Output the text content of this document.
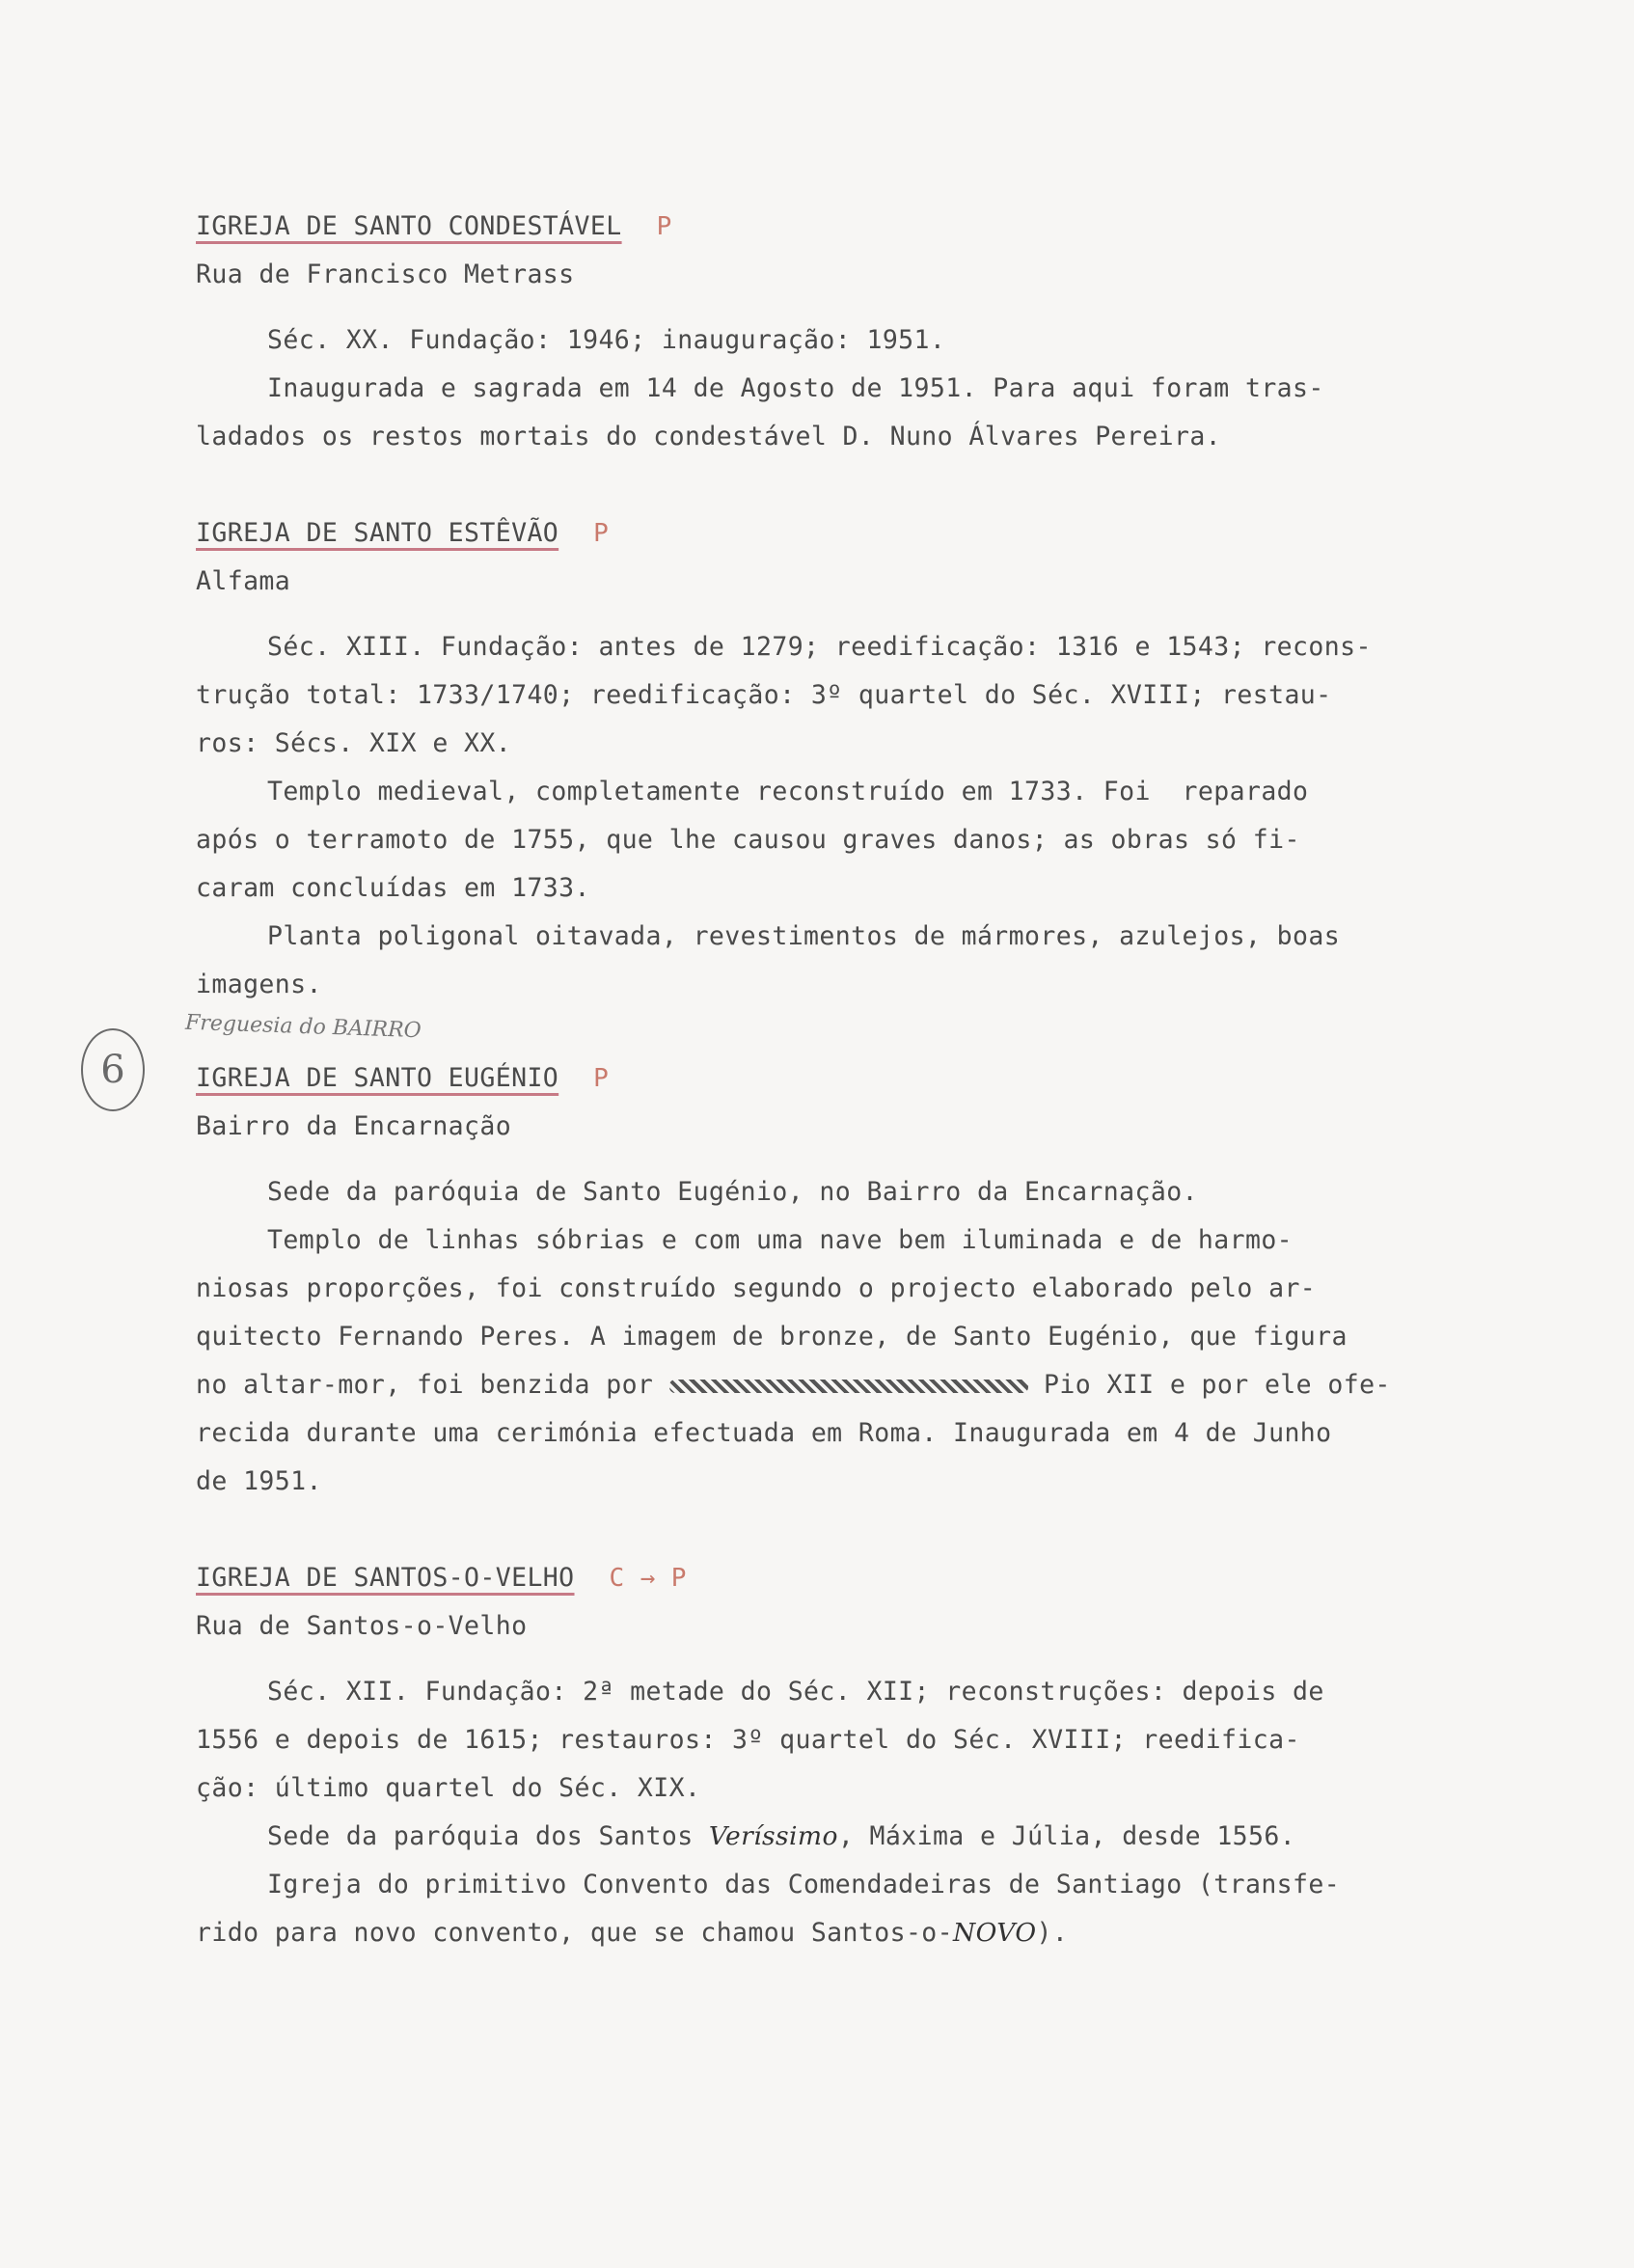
IGREJA DE SANTO CONDESTÁVEL P
Rua de Francisco Metrass
Séc. XX. Fundação: 1946; inauguração: 1951.
Inaugurada e sagrada em 14 de Agosto de 1951. Para aqui foram tras-
ladados os restos mortais do condestável D. Nuno Álvares Pereira.
IGREJA DE SANTO ESTÊVÃO P
Alfama
Séc. XIII. Fundação: antes de 1279; reedificação: 1316 e 1543; recons-
trução total: 1733/1740; reedificação: 3º quartel do Séc. XVIII; restau-
ros: Sécs. XIX e XX.
Templo medieval, completamente reconstruído em 1733. Foi  reparado
após o terramoto de 1755, que lhe causou graves danos; as obras só fi-
caram concluídas em 1733.
Planta poligonal oitavada, revestimentos de mármores, azulejos, boas
imagens.
6
Freguesia do BAIRRO
IGREJA DE SANTO EUGÉNIO P
Bairro da Encarnação
Sede da paróquia de Santo Eugénio, no Bairro da Encarnação.
Templo de linhas sóbrias e com uma nave bem iluminada e de harmo-
niosas proporções, foi construído segundo o projecto elaborado pelo ar-
quitecto Fernando Peres. A imagem de bronze, de Santo Eugénio, que figura
no altar-mor, foi benzida por	Pio XII e por ele ofe-
recida durante uma cerimónia efectuada em Roma. Inaugurada em 4 de Junho
de 1951.
IGREJA DE SANTOS-O-VELHO C → P
Rua de Santos-o-Velho
Séc. XII. Fundação: 2ª metade do Séc. XII; reconstruções: depois de
1556 e depois de 1615; restauros: 3º quartel do Séc. XVIII; reedifica-
ção: último quartel do Séc. XIX.
Sede da paróquia dos Santos Veríssimo, Máxima e Júlia, desde 1556.
Igreja do primitivo Convento das Comendadeiras de Santiago (transfe-
rido para novo convento, que se chamou Santos-o-NOVO).
